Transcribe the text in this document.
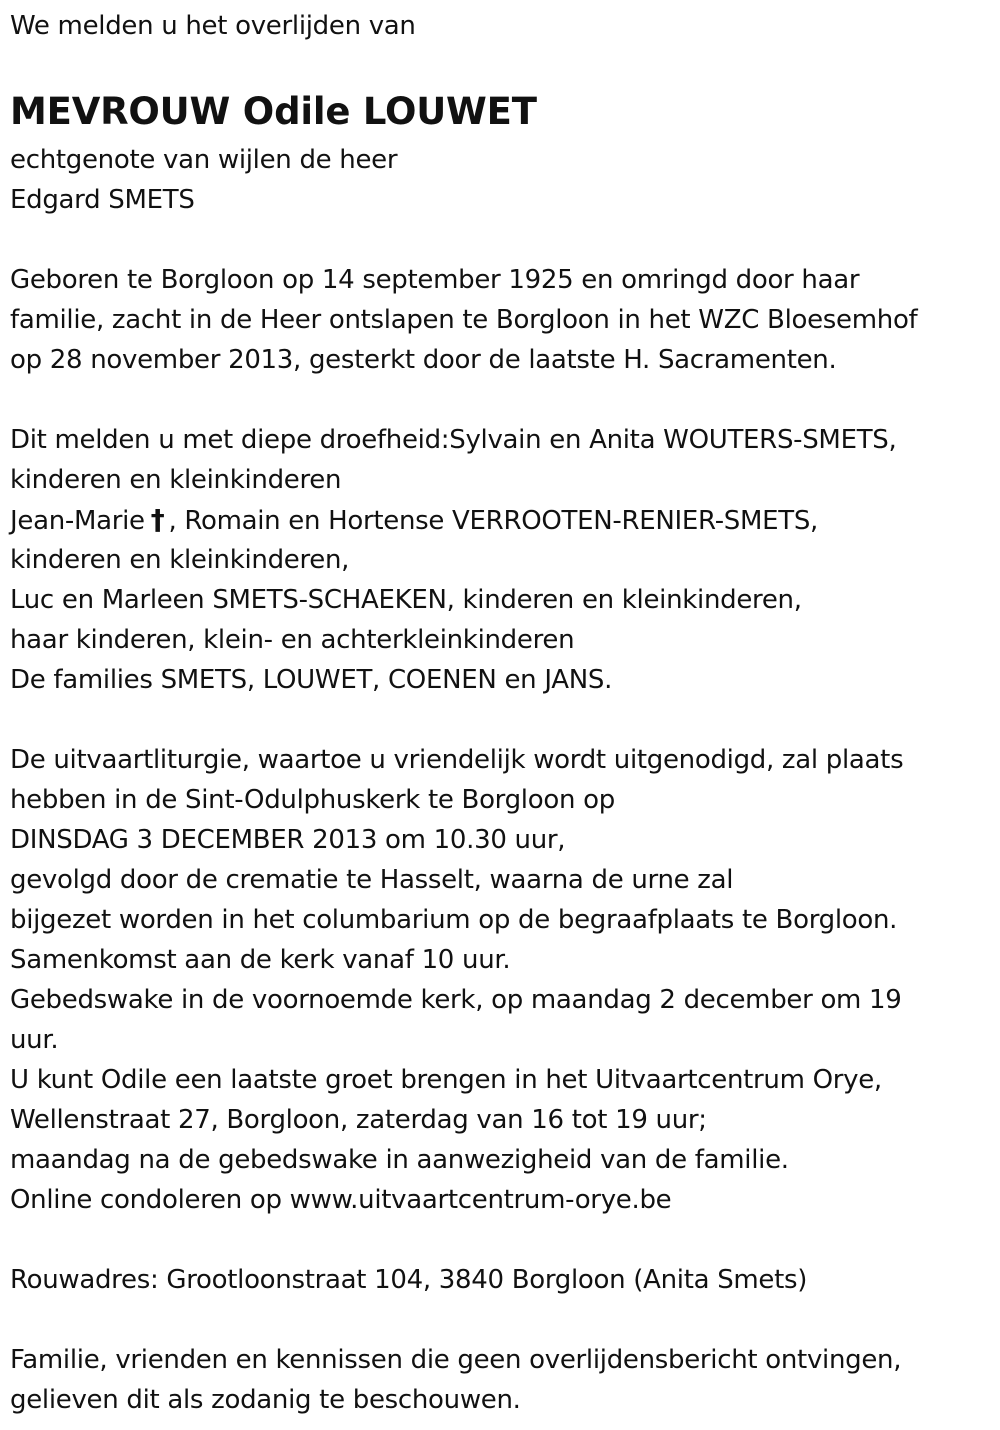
We melden u het overlijden van
MEVROUW Odile LOUWET
echtgenote van wijlen de heer
Edgard SMETS
Geboren te Borgloon op 14 september 1925 en omringd door haar
familie, zacht in de Heer ontslapen te Borgloon in het WZC Bloesemhof
op 28 november 2013, gesterkt door de laatste H. Sacramenten.
Dit melden u met diepe droefheid:Sylvain en Anita WOUTERS-SMETS,
kinderen en kleinkinderen
Jean-Marie † , Romain en Hortense VERROOTEN-RENIER-SMETS,
kinderen en kleinkinderen,
Luc en Marleen SMETS-SCHAEKEN, kinderen en kleinkinderen,
haar kinderen, klein- en achterkleinkinderen
De families SMETS, LOUWET, COENEN en JANS.
De uitvaartliturgie, waartoe u vriendelijk wordt uitgenodigd, zal plaats
hebben in de Sint-Odulphuskerk te Borgloon op
DINSDAG 3 DECEMBER 2013 om 10.30 uur,
gevolgd door de crematie te Hasselt, waarna de urne zal
bijgezet worden in het columbarium op de begraafplaats te Borgloon.
Samenkomst aan de kerk vanaf 10 uur.
Gebedswake in de voornoemde kerk, op maandag 2 december om 19
uur.
U kunt Odile een laatste groet brengen in het Uitvaartcentrum Orye,
Wellenstraat 27, Borgloon, zaterdag van 16 tot 19 uur;
maandag na de gebedswake in aanwezigheid van de familie.
Online condoleren op www.uitvaartcentrum-orye.be
Rouwadres: Grootloonstraat 104, 3840 Borgloon (Anita Smets)
Familie, vrienden en kennissen die geen overlijdensbericht ontvingen,
gelieven dit als zodanig te beschouwen.
